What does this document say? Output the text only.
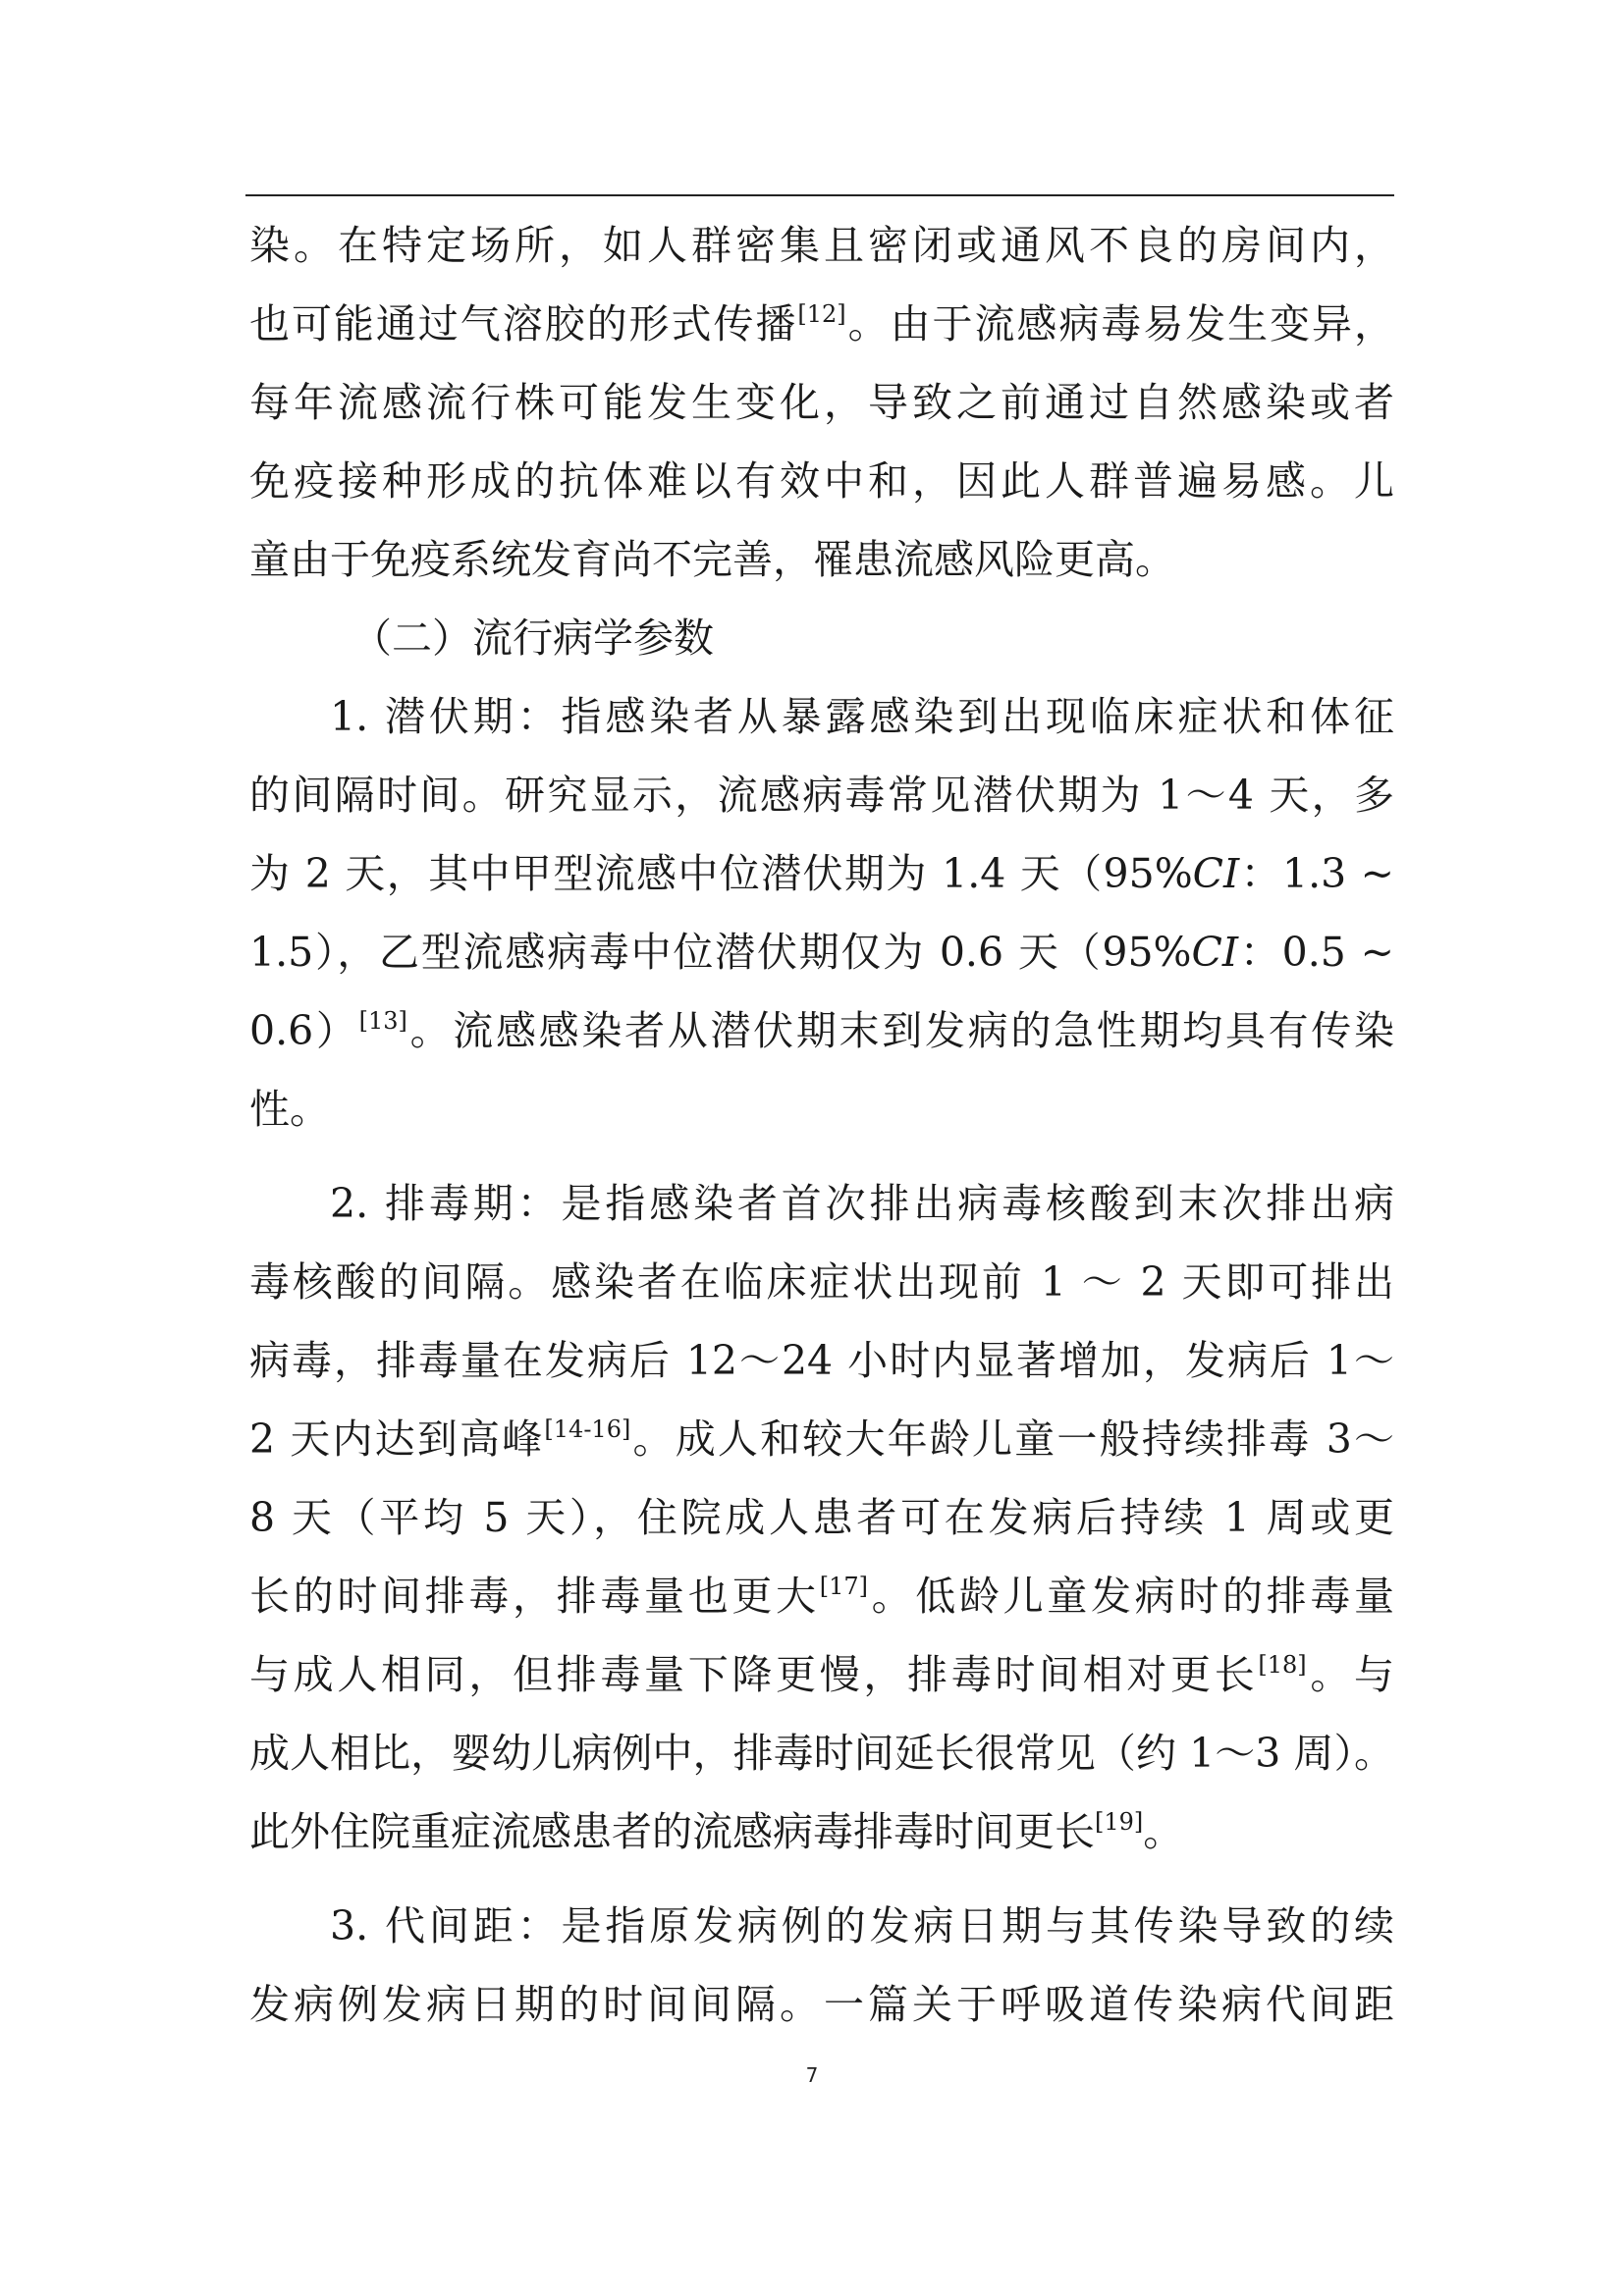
染。在特定场所，如人群密集且密闭或通风不良的房间内，
也可能通过气溶胶的形式传播[12]。由于流感病毒易发生变异，
每年流感流行株可能发生变化，导致之前通过自然感染或者
免疫接种形成的抗体难以有效中和，因此人群普遍易感。儿
童由于免疫系统发育尚不完善，罹患流感风险更高。
（二）流行病学参数
1. 潜伏期：指感染者从暴露感染到出现临床症状和体征
的间隔时间。研究显示，流感病毒常见潜伏期为 1～4 天，多
为 2 天，其中甲型流感中位潜伏期为 1.4 天（95%CI：1.3 ~
1.5），乙型流感病毒中位潜伏期仅为 0.6 天（95%CI：0.5 ~
0.6）[13]。流感感染者从潜伏期末到发病的急性期均具有传染
性。
2. 排毒期：是指感染者首次排出病毒核酸到末次排出病
毒核酸的间隔。感染者在临床症状出现前 1 ～ 2 天即可排出
病毒，排毒量在发病后 12～24 小时内显著增加，发病后 1～
2 天内达到高峰[14-16]。成人和较大年龄儿童一般持续排毒 3～
8 天（平均 5 天），住院成人患者可在发病后持续 1 周或更
长的时间排毒，排毒量也更大[17]。低龄儿童发病时的排毒量
与成人相同，但排毒量下降更慢，排毒时间相对更长[18]。与
成人相比，婴幼儿病例中，排毒时间延长很常见（约 1～3 周）。
此外住院重症流感患者的流感病毒排毒时间更长[19]。
3. 代间距：是指原发病例的发病日期与其传染导致的续
发病例发病日期的时间间隔。一篇关于呼吸道传染病代间距
7
